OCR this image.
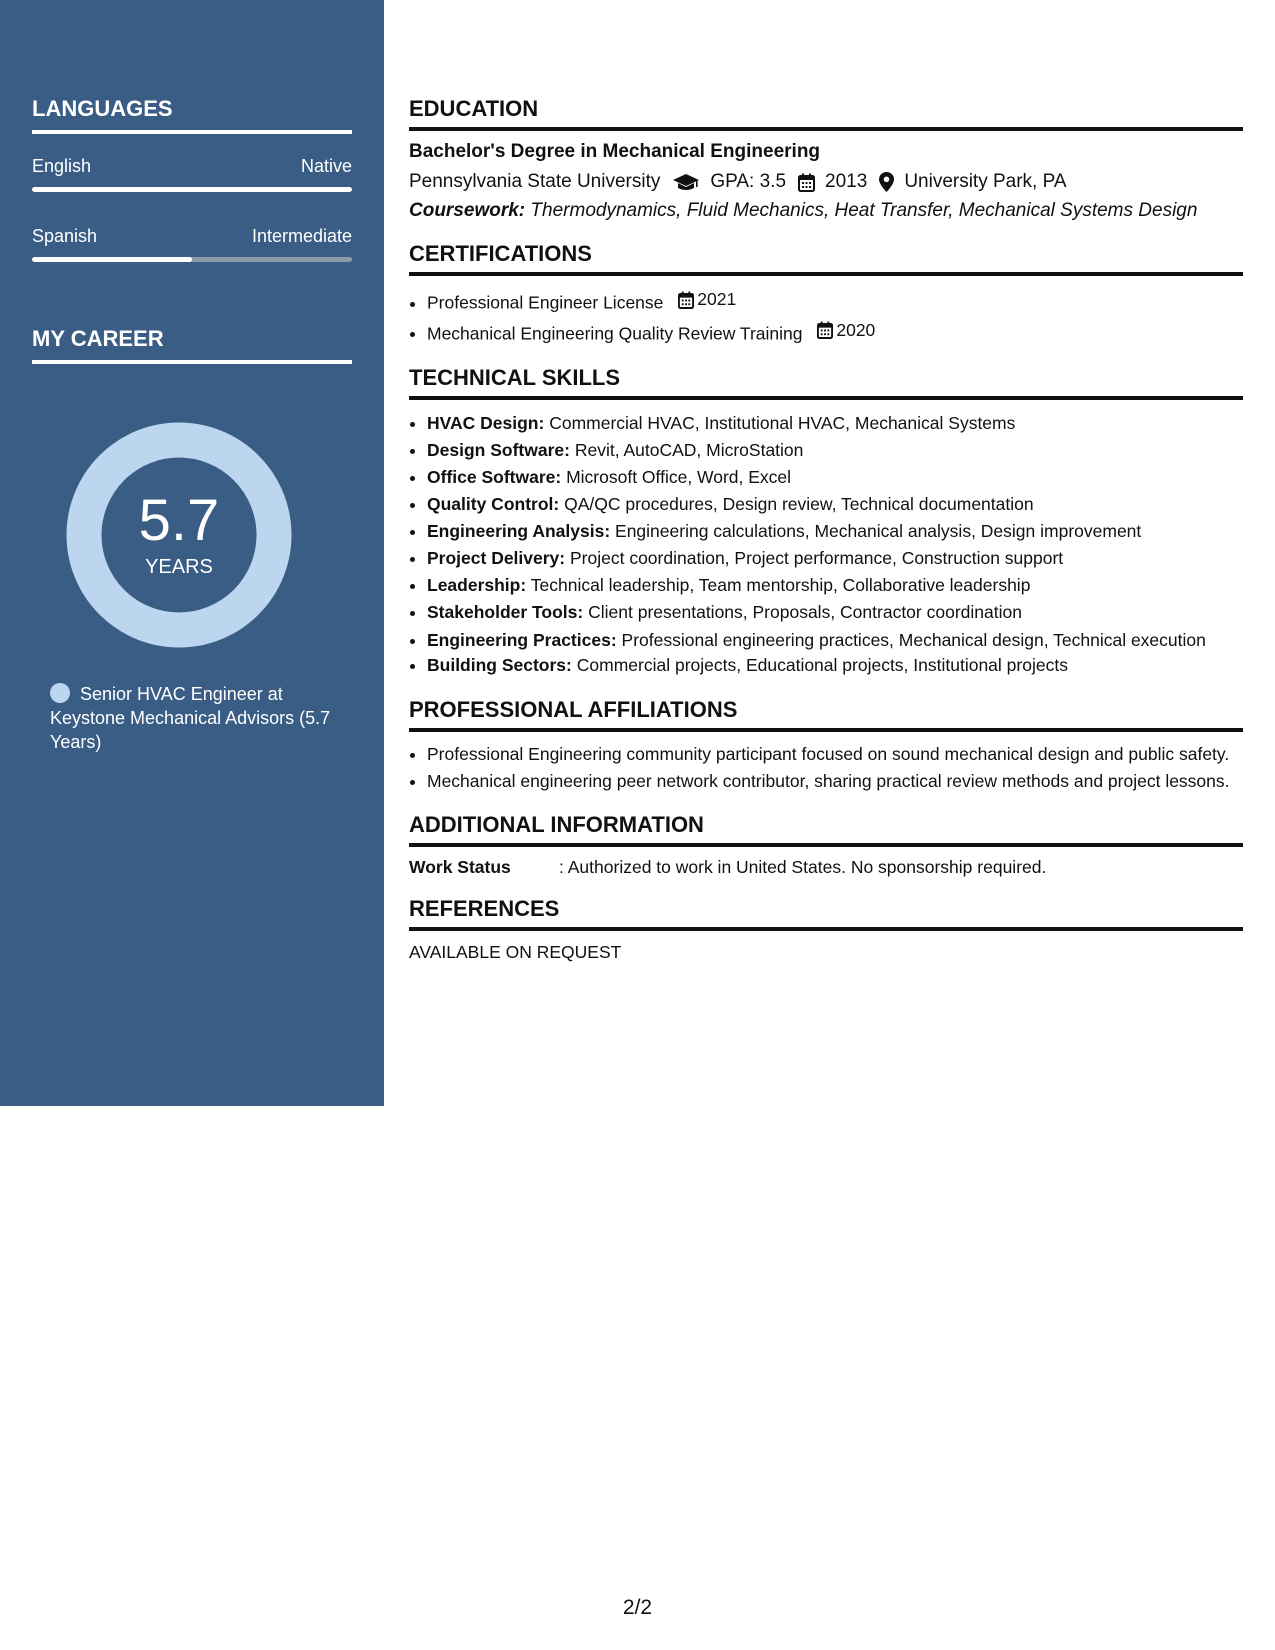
LANGUAGES
English	Native
Spanish	Intermediate
MY CAREER
5.7
YEARS
Senior HVAC Engineer at Keystone Mechanical Advisors (5.7 Years)
EDUCATION
Bachelor's Degree in Mechanical Engineering
Pennsylvania State University	GPA: 3.5 2013 University Park, PA
Coursework: Thermodynamics, Fluid Mechanics, Heat Transfer, Mechanical Systems Design
CERTIFICATIONS
• Professional Engineer License 2021
• Mechanical Engineering Quality Review Training 2020
TECHNICAL SKILLS
• HVAC Design: Commercial HVAC, Institutional HVAC, Mechanical Systems
• Design Software: Revit, AutoCAD, MicroStation
• Office Software: Microsoft Office, Word, Excel
• Quality Control: QA/QC procedures, Design review, Technical documentation
• Engineering Analysis: Engineering calculations, Mechanical analysis, Design improvement
• Project Delivery: Project coordination, Project performance, Construction support
• Leadership: Technical leadership, Team mentorship, Collaborative leadership
• Stakeholder Tools: Client presentations, Proposals, Contractor coordination
• Engineering Practices: Professional engineering practices, Mechanical design, Technical execution
• Building Sectors: Commercial projects, Educational projects, Institutional projects
PROFESSIONAL AFFILIATIONS
• Professional Engineering community participant focused on sound mechanical design and public safety.
• Mechanical engineering peer network contributor, sharing practical review methods and project lessons.
ADDITIONAL INFORMATION
Work Status	: Authorized to work in United States. No sponsorship required.
REFERENCES
AVAILABLE ON REQUEST
2/2
